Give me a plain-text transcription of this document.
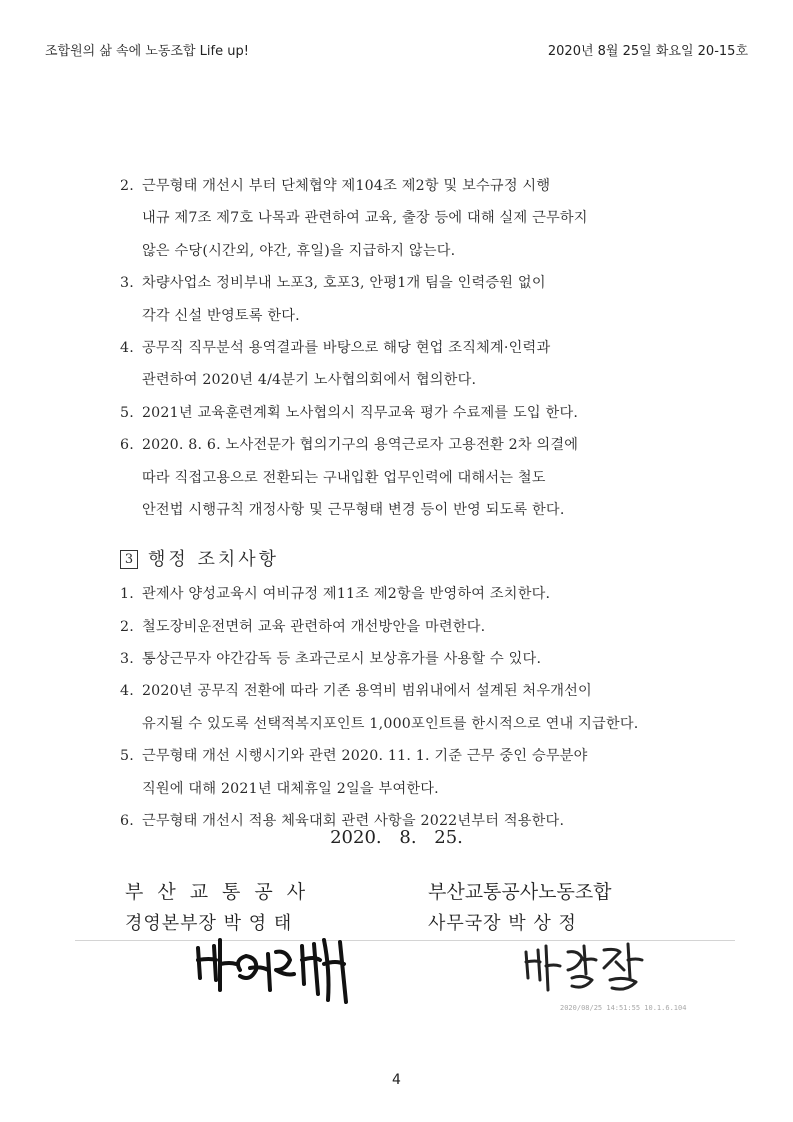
조합원의 삶 속에 노동조합 Life up!	2020년 8월 25일 화요일 20-15호
2. 근무형태 개선시 부터 단체협약 제104조 제2항 및 보수규정 시행
내규 제7조 제7호 나목과 관련하여 교육, 출장 등에 대해 실제 근무하지
않은 수당(시간외, 야간, 휴일)을 지급하지 않는다.
3. 차량사업소 정비부내 노포3, 호포3, 안평1개 팀을 인력증원 없이
각각 신설 반영토록 한다.
4. 공무직 직무분석 용역결과를 바탕으로 해당 현업 조직체계·인력과
관련하여 2020년 4/4분기 노사협의회에서 협의한다.
5. 2021년 교육훈련계획 노사협의시 직무교육 평가 수료제를 도입 한다.
6. 2020. 8. 6. 노사전문가 협의기구의 용역근로자 고용전환 2차 의결에
따라 직접고용으로 전환되는 구내입환 업무인력에 대해서는 철도
안전법 시행규칙 개정사항 및 근무형태 변경 등이 반영 되도록 한다.
3 행정 조치사항
1. 관제사 양성교육시 여비규정 제11조 제2항을 반영하여 조치한다.
2. 철도장비운전면허 교육 관련하여 개선방안을 마련한다.
3. 통상근무자 야간감독 등 초과근로시 보상휴가를 사용할 수 있다.
4. 2020년 공무직 전환에 따라 기존 용역비 범위내에서 설계된 처우개선이
유지될 수 있도록 선택적복지포인트 1,000포인트를 한시적으로 연내 지급한다.
5. 근무형태 개선 시행시기와 관련 2020. 11. 1. 기준 근무 중인 승무분야
직원에 대해 2021년 대체휴일 2일을 부여한다.
6. 근무형태 개선시 적용 체육대회 관련 사항을 2022년부터 적용한다.
2020. 8. 25.
부산교통공사
경영본부장 박 영 태
부산교통공사노동조합
사무국장 박 상 정
2020/08/25 14:51:55 10.1.6.104
4
